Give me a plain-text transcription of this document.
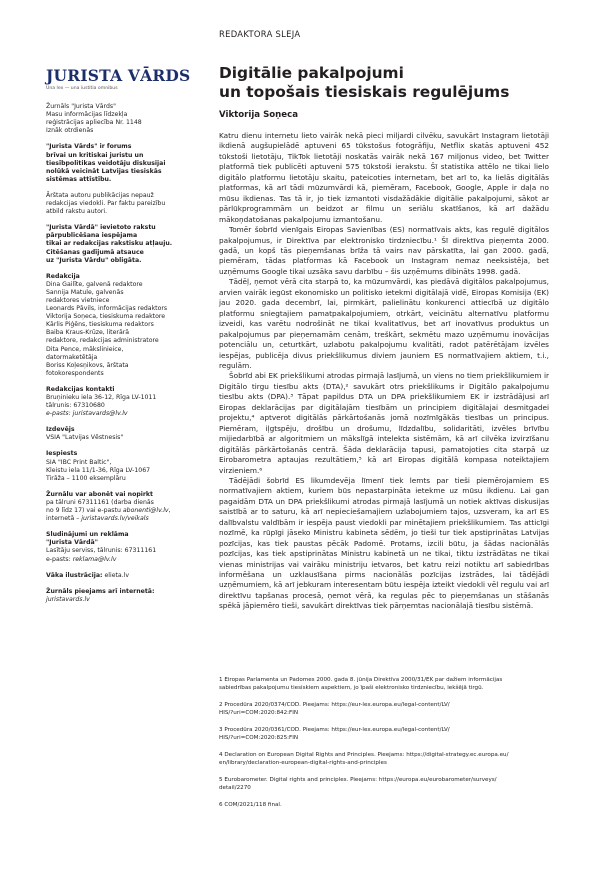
REDAKTORA SLEJA
JURISTA VĀRDS
Una lex — una iustitia omnibus
Žurnāls "Jurista Vārds"
Masu informācijas līdzekļa
reģistrācijas apliecība Nr. 1148
Iznāk otrdienās
"Jurista Vārds" ir forums
brīvai un kritiskai juristu un
tiesībpolitikas veidotāju diskusijai
nolūkā veicināt Latvijas tiesiskās
sistēmas attīstību.
Ārštata autoru publikācijas nepauž
redakcijas viedokli. Par faktu pareizību
atbild rakstu autori.
"Jurista Vārdā" ievietoto rakstu
pārpublicēšana iespējama
tikai ar redakcijas rakstisku atļauju.
Citēšanas gadījumā atsauce
uz "Jurista Vārdu" obligāta.
Redakcija
Dina Gailīte, galvenā redaktore
Sannija Matule, galvenās
redaktores vietniece
Leonards Pāvils, informācijas redaktors
Viktorija Soņeca, tiesiskuma redaktore
Kārlis Piģēns, tiesiskuma redaktors
Baiba Kraus-Krūze, literārā
redaktore, redakcijas administratore
Dita Pence, mākslinieice,
datormaketētāja
Boriss Koļesņikovs, ārštata
fotokorespondents
Redakcijas kontakti
Bruņinieku iela 36-12, Rīga LV-1011
tālrunis: 67310680
e-pasts: juristavards@lv.lv
Izdevējs
VSIA "Latvijas Vēstnesis"
Iespiests
SIA "IBC Print Baltic",
Kleistu iela 11/1-36, Rīga LV-1067
Tirāža – 1100 eksemplāru
Žurnālu var abonēt vai nopirkt
pa tālruni 67311161 (darba dienās
no 9 līdz 17) vai e-pastu abonenti@lv.lv,
internetā – juristavards.lv/veikals
Sludinājumi un reklāma
"Jurista Vārdā"
Lasītāju serviss, tālrunis: 67311161
e-pasts: reklama@lv.lv
Vāka ilustrācija: elieta.lv
Žurnāls pieejams arī internetā:
juristavards.lv
Digitālie pakalpojumi
un topošais tiesiskais regulējums
Viktorija Soņeca

Katru dienu internetu lieto vairāk nekā pieci miljardi cilvēku, savukārt Instagram lietotāji ikdienā augšupielādē aptuveni 65 tūkstošus fotogrāfiju, Netflix skatās aptuveni 452 tūkstoši lietotāju, TikTok lietotāji noskatās vairāk nekā 167 miljonus video, bet Twitter platformā tiek publicēti aptuveni 575 tūkstoši ierakstu. Šī statistika attēlo ne tikai lielo digitālo platformu lietotāju skaitu, pateicoties internetam, bet arī to, ka lielās digitālās platformas, kā arī tādi mūzumvārdi kā, piemēram, Facebook, Google, Apple ir daļa no mūsu ikdienas. Tas tā ir, jo tiek izmantoti visdažādākie digitālie pakalpojumi, sākot ar pārlūkprogrammām un beidzot ar filmu un seriālu skatīšanos, kā arī dažādu mākoņdatošanas pakalpojumu izmantošanu.

Tomēr šobrīd vienīgais Eiropas Savienības (ES) normatīvais akts, kas regulē digitālos pakalpojumus, ir Direktīva par elektronisko tirdzniecību.¹ Šī direktīva pieņemta 2000. gadā, un kopš tās pieņemšanas brīža tā vairs nav pārskatīta, lai gan 2000. gadā, piemēram, tādas platformas kā Facebook un Instagram nemaz neeksistēja, bet uzņēmums Google tikai uzsāka savu darbību – šis uzņēmums dibināts 1998. gadā.

Tādēļ, ņemot vērā cita starpā to, ka mūzumvārdi, kas piedāvā digitālos pakalpojumus, arvien vairāk iegūst ekonomisko un politisko ietekmi digitālajā vidē, Eiropas Komisija (EK) jau 2020. gada decembrī, lai, pirmkārt, palielinātu konkurenci attiecībā uz digitālo platformu sniegtajiem pamatpakalpojumiem, otrkārt, veicinātu alternatīvu platformu izveidi, kas varētu nodrošināt ne tikai kvalitatīvus, bet arī inovatīvus produktus un pakalpojumus par pieņemamām cenām, treškārt, sekmētu mazo uzņēmumu inovācijas potenciālu un, ceturtkārt, uzlabotu pakalpojumu kvalitāti, radot patērētājam izvēles iespējas, publicēja divus priekšlikumus diviem jauniem ES normatīvajiem aktiem, t.i., regulām.

Šobrīd abi EK priekšlikumi atrodas pirmajā lasījumā, un viens no tiem priekšlikumiem ir Digitālo tirgu tiesību akts (DTA),² savukārt otrs priekšlikums ir Digitālo pakalpojumu tiesību akts (DPA).³ Tāpat papildus DTA un DPA priekšlikumiem EK ir izstrādājusi arī Eiropas deklarācijas par digitālajām tiesībām un principiem digitālajai desmitgadei projektu,⁴ aptverot digitālās pārkārtošanās jomā nozīmīgākās tiesības un principus. Piemēram, iļgtspēju, drošību un drošumu, līdzdalību, solidaritāti, izvēles brīvību mijiedarbībā ar algoritmiem un mākslīgā intelekta sistēmām, kā arī cilvēka izvirzīšanu digitālās pārkārtošanās centrā. Šāda deklarācija tapusi, pamatojoties cita starpā uz Eirobarometra aptaujas rezultātiem,⁵ kā arī Eiropas digitālā kompasa noteiktajiem virzieniem.⁶

Tādējādi šobrīd ES likumdevēja līmenī tiek lemts par tieši piemērojamiem ES normatīvajiem aktiem, kuriem būs nepastarpināta ietekme uz mūsu ikdienu. Lai gan pagaidām DTA un DPA priekšlikumi atrodas pirmajā lasījumā un notiek aktīvas diskusijas saistībā ar to saturu, kā arī nepieciešamajiem uzlabojumiem tajos, uzsveram, ka arī ES dalībvalstu valdībām ir iespēja paust viedokli par minētajiem priekšlikumiem. Tas atticīgi nozīmē, ka rūpīgi jāseko Ministru kabineta sēdēm, jo tieši tur tiek apstiprinātas Latvijas pozīcijas, kas tiek paustas pēcāk Padomē. Protams, izcili būtu, ja šādas nacionālās pozīcijas, kas tiek apstiprinātas Ministru kabinetā un ne tikai, tiktu izstrādātas ne tikai vienas ministrijas vai vairāku ministriju ietvaros, bet katru reizi notiktu arī sabiedrības informēšana un uzklausīšana pirms nacionālās pozīcijas izstrādes, lai tādējādi uzņēmumiem, kā arī jebkuram interesentam būtu iespēja izteikt viedokli vēl regulu vai arī direktīvu tapšanas procesā, ņemot vērā, ka regulas pēc to pieņemšanas un stāšanās spēkā jāpiemēro tieši, savukārt direktīvas tiek pārņemtas nacionālajā tiesību sistēmā.

1 Eiropas Parlamenta un Padomes 2000. gada 8. jūnija Direktīva 2000/31/EK par dažiem informācijas
sabiedrības pakalpojumu tiesiskiem aspektiem, jo īpaši elektronisko tirdzniecību, iekšējā tirgū.
2 Procedūra 2020/0374/COD. Pieejams: https://eur-lex.europa.eu/legal-content/LV/
HIS/?uri=COM:2020:842:FIN
3 Procedūra 2020/0361/COD. Pieejams: https://eur-lex.europa.eu/legal-content/LV/
HIS/?uri=COM:2020:825:FIN
4 Declaration on European Digital Rights and Principles. Pieejams: https://digital-strategy.ec.europa.eu/
en/library/declaration-european-digital-rights-and-principles
5 Eurobarometer. Digital rights and principles. Pieejams: https://europa.eu/eurobarometer/surveys/
detail/2270
6 COM/2021/118 final.
